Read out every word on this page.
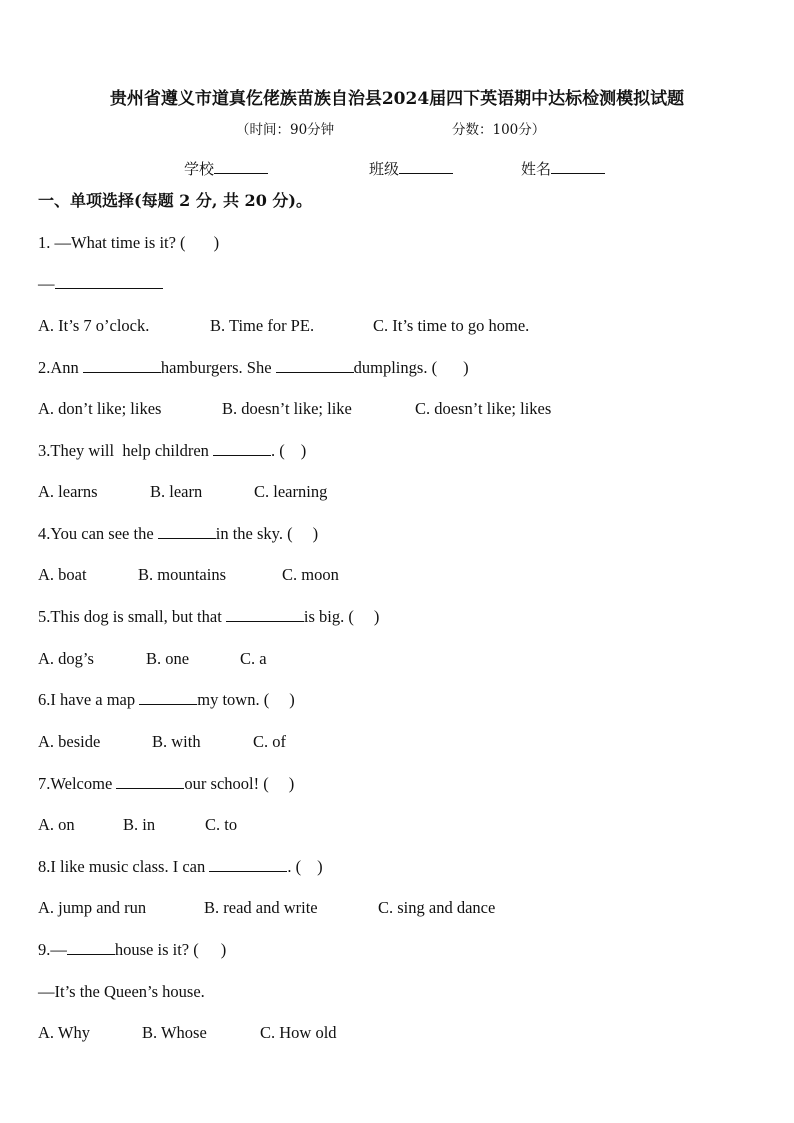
贵州省遵义市道真仡佬族苗族自治县2024届四下英语期中达标检测模拟试题
（时间：90分钟	分数：100分）
学校	班级	姓名
一、单项选择(每题 2 分, 共 20 分)。
1. —What time is it? ( )
—
A. It’s 7 o’clock.	B. Time for PE.	C. It’s time to go home.
2.Ann	hamburgers. She	dumplings. ( )
A. don’t like; likes	B. doesn’t like; like	C. doesn’t like; likes
3.They will  help children	. ( )
A. learns	B. learn	C. learning
4.You can see the	in the sky. ( )
A. boat	B. mountains	C. moon
5.This dog is small, but that	is big. ( )
A. dog’s	B. one	C. a
6.I have a map	my town. ( )
A. beside	B. with	C. of
7.Welcome	our school! ( )
A. on	B. in	C. to
8.I like music class. I can	. ( )
A. jump and run	B. read and write	C. sing and dance
9.—	house is it? ( )
—It’s the Queen’s house.
A. Why	B. Whose	C. How old
